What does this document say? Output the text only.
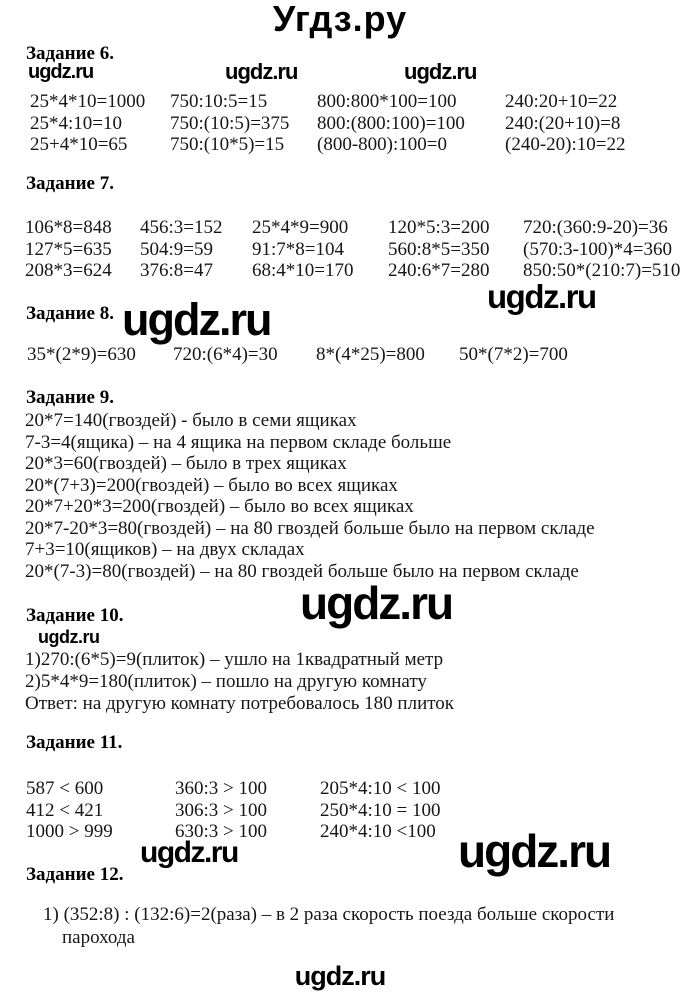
Угдз.ру
Задание 6.
ugdz.ru	ugdz.ru	ugdz.ru
25*4*10=1000	750:10:5=15	800:800*100=100	240:20+10=22
25*4:10=10	750:(10:5)=375	800:(800:100)=100	240:(20+10)=8
25+4*10=65	750:(10*5)=15	(800-800):100=0	(240-20):10=22
Задание 7.
106*8=848	456:3=152	25*4*9=900	120*5:3=200	720:(360:9-20)=36
127*5=635	504:9=59	91:7*8=104	560:8*5=350	(570:3-100)*4=360
208*3=624	376:8=47	68:4*10=170	240:6*7=280	850:50*(210:7)=510
ugdz.ru
Задание 8. ugdz.ru
35*(2*9)=630	720:(6*4)=30	8*(4*25)=800	50*(7*2)=700
Задание 9.
20*7=140(гвоздей) - было в семи ящиках
7-3=4(ящика) – на 4 ящика на первом складе больше
20*3=60(гвоздей) – было в трех ящиках
20*(7+3)=200(гвоздей) – было во всех ящиках
20*7+20*3=200(гвоздей) – было во всех ящиках
20*7-20*3=80(гвоздей) – на 80 гвоздей больше было на первом складе
7+3=10(ящиков) – на двух складах
20*(7-3)=80(гвоздей) – на 80 гвоздей больше было на первом складе
ugdz.ru
Задание 10.
ugdz.ru
1)270:(6*5)=9(плиток) – ушло на 1квадратный метр
2)5*4*9=180(плиток) – пошло на другую комнату
Ответ: на другую комнату потребовалось 180 плиток
Задание 11.
587 < 600	360:3 > 100	205*4:10 < 100
412 < 421	306:3 > 100	250*4:10 = 100
1000 > 999	630:3 > 100	240*4:10 <100
ugdz.ru	ugdz.ru
Задание 12.
1) (352:8) : (132:6)=2(раза) – в 2 раза скорость поезда больше скорости
парохода
ugdz.ru
